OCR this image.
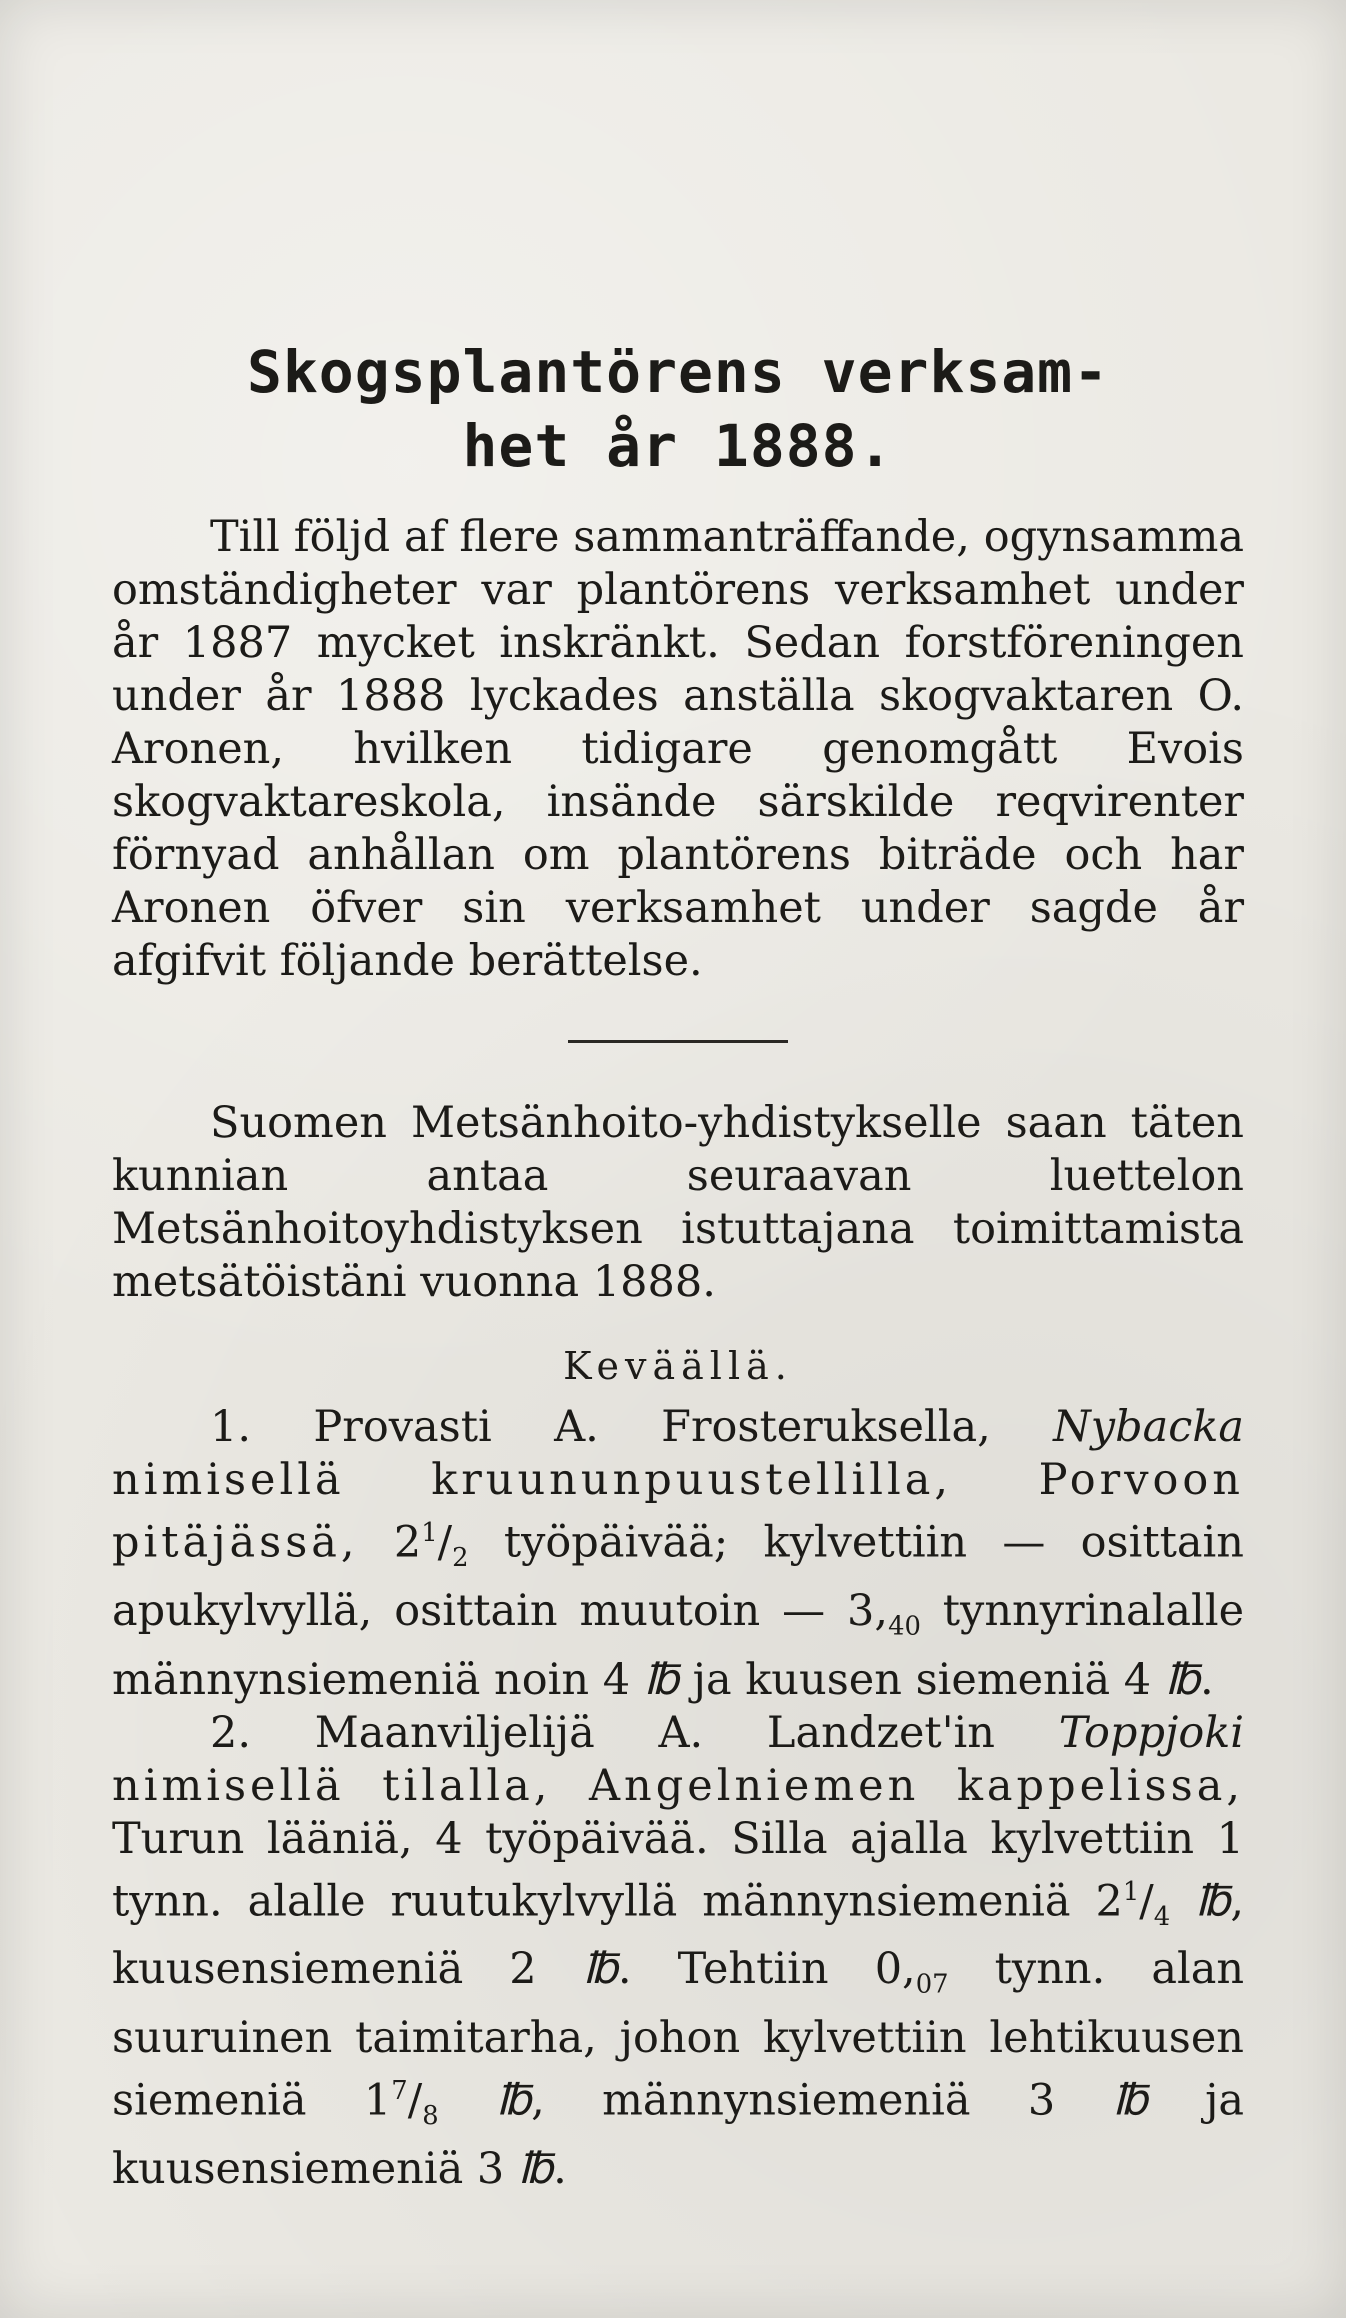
Skogsplantörens verksam-
het år 1888.

Till följd af flere sammanträffande, ogynsamma omständigheter var plantörens verksamhet under år 1887 mycket inskränkt. Sedan forstföreningen under år 1888 lyckades anställa skogvaktaren O. Aronen, hvilken tidigare genomgått Evois skogvaktareskola, insände särskilde reqvirenter förnyad anhållan om plantörens biträde och har Aronen öfver sin verksamhet under sagde år afgifvit följande berättelse.

Suomen Metsänhoito-yhdistykselle saan täten kunnian antaa seuraavan luettelon Metsänhoitoyhdistyksen istuttajana toimittamista metsätöistäni vuonna 1888.

Keväällä.

1. Provasti A. Frosteruksella, Nybacka nimisellä kruununpuustellilla, Porvoon pitäjässä, $2^1/_2$ työpäivää; kylvettiin — osittain apukylvyllä, osittain muutoin — $3,_{40}$ tynnyrinalalle männynsiemeniä noin 4 ℔ ja kuusen siemeniä 4 ℔.

2. Maanviljelijä A. Landzet'in Toppjoki nimisellä tilalla, Angelniemen kappelissa, Turun lääniä, 4 työpäivää. Silla ajalla kylvettiin 1 tynn. alalle ruutukylvyllä männynsiemeniä $2^1/_4$ ℔, kuusensiemeniä 2 ℔. Tehtiin $0,_{07}$ tynn. alan suuruinen taimitarha, johon kylvettiin lehtikuusen siemeniä $1^7/_8$ ℔, männynsiemeniä 3 ℔ ja kuusensiemeniä 3 ℔.
